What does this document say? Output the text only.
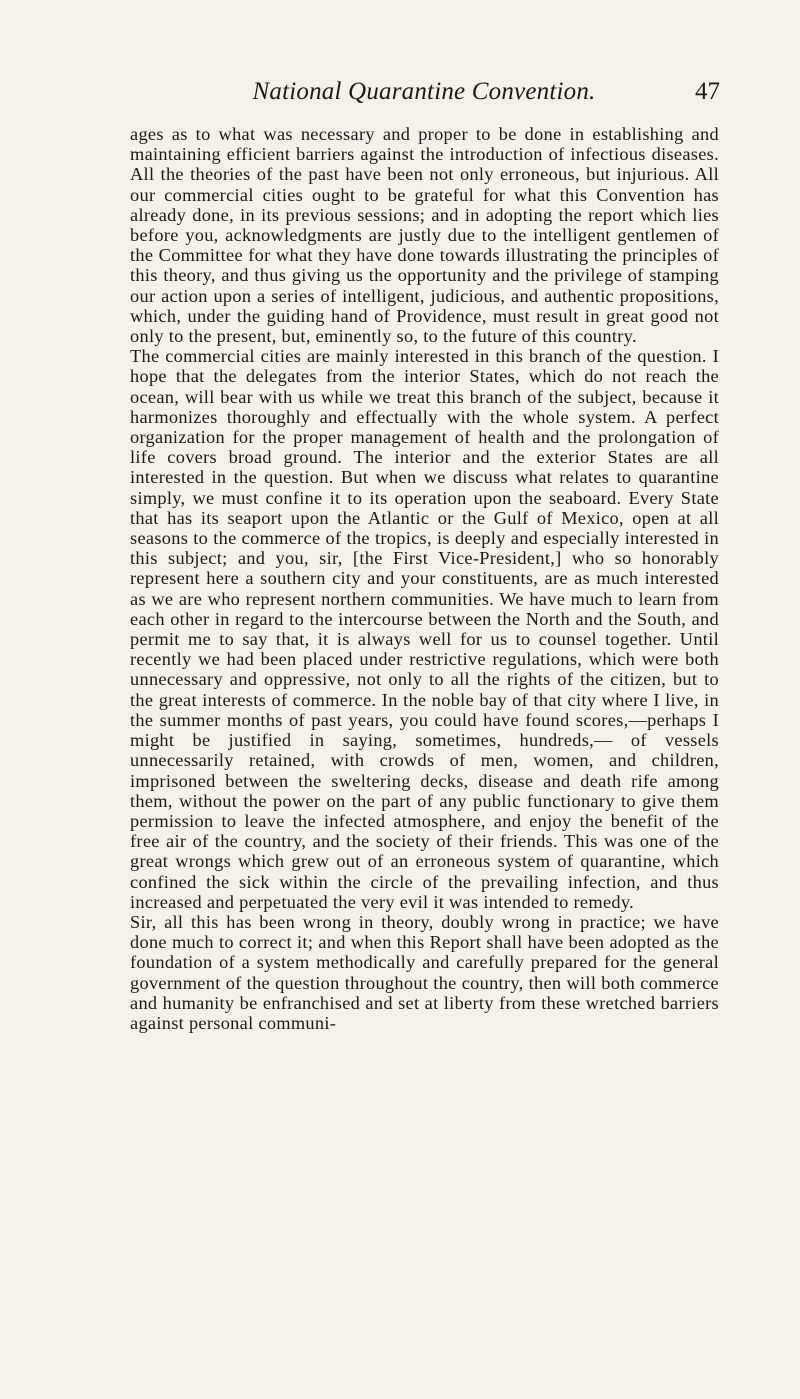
National Quarantine Convention.	47

ages as to what was necessary and proper to be done in establishing and maintaining efficient barriers against the introduction of infectious diseases. All the theories of the past have been not only erroneous, but injurious. All our commercial cities ought to be grateful for what this Convention has already done, in its previous sessions; and in adopting the report which lies before you, acknowledgments are justly due to the intelligent gentlemen of the Committee for what they have done towards illustrating the principles of this theory, and thus giving us the opportunity and the privilege of stamping our action upon a series of intelligent, judicious, and authentic propositions, which, under the guiding hand of Providence, must result in great good not only to the present, but, eminently so, to the future of this country.

The commercial cities are mainly interested in this branch of the question. I hope that the delegates from the interior States, which do not reach the ocean, will bear with us while we treat this branch of the subject, because it harmonizes thoroughly and effectually with the whole system. A perfect organization for the proper management of health and the prolongation of life covers broad ground. The interior and the exterior States are all interested in the question. But when we discuss what relates to quarantine simply, we must confine it to its operation upon the seaboard. Every State that has its seaport upon the Atlantic or the Gulf of Mexico, open at all seasons to the commerce of the tropics, is deeply and especially interested in this subject; and you, sir, [the First Vice-President,] who so honorably represent here a southern city and your constituents, are as much interested as we are who represent northern communities. We have much to learn from each other in regard to the intercourse between the North and the South, and permit me to say that, it is always well for us to counsel together. Until recently we had been placed under restrictive regulations, which were both unnecessary and oppressive, not only to all the rights of the citizen, but to the great interests of commerce. In the noble bay of that city where I live, in the summer months of past years, you could have found scores,—perhaps I might be justified in saying, sometimes, hundreds,— of vessels unnecessarily retained, with crowds of men, women, and children, imprisoned between the sweltering decks, disease and death rife among them, without the power on the part of any public functionary to give them permission to leave the infected atmosphere, and enjoy the benefit of the free air of the country, and the society of their friends. This was one of the great wrongs which grew out of an erroneous system of quarantine, which confined the sick within the circle of the prevailing infection, and thus increased and perpetuated the very evil it was intended to remedy.

Sir, all this has been wrong in theory, doubly wrong in practice; we have done much to correct it; and when this Report shall have been adopted as the foundation of a system methodically and carefully prepared for the general government of the question throughout the country, then will both commerce and humanity be enfranchised and set at liberty from these wretched barriers against personal communi-
